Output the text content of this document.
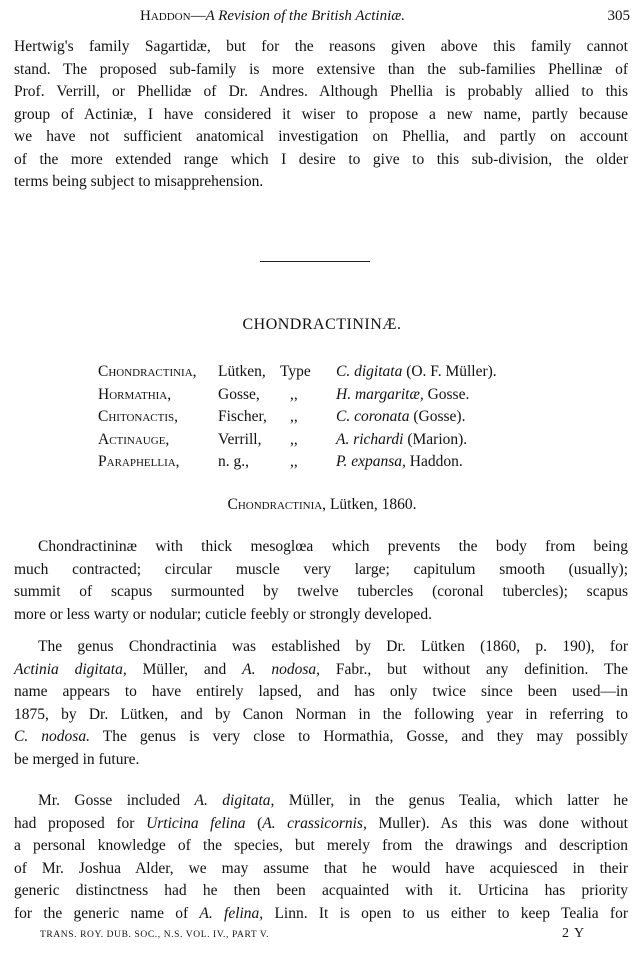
Haddon—A Revision of the British Actiniæ.	305
Hertwig's family Sagartidæ, but for the reasons given above this family cannot
stand. The proposed sub-family is more extensive than the sub-families Phellinæ of
Prof. Verrill, or Phellidæ of Dr. Andres. Although Phellia is probably allied to this
group of Actiniæ, I have considered it wiser to propose a new name, partly because
we have not sufficient anatomical investigation on Phellia, and partly on account
of the more extended range which I desire to give to this sub-division, the older
terms being subject to misapprehension.
CHONDRACTININÆ.
Chondractinia,	Lütken,	Type	C. digitata (O. F. Müller).
Hormathia,	Gosse,	,,	H. margaritæ, Gosse.
Chitonactis,	Fischer,	,,	C. coronata (Gosse).
Actinauge,	Verrill,	,,	A. richardi (Marion).
Paraphellia,	n. g.,	,,	P. expansa, Haddon.
Chondractinia, Lütken, 1860.
Chondractininæ with thick mesoglœa which prevents the body from being
much contracted; circular muscle very large; capitulum smooth (usually);
summit of scapus surmounted by twelve tubercles (coronal tubercles); scapus
more or less warty or nodular; cuticle feebly or strongly developed.
The genus Chondractinia was established by Dr. Lütken (1860, p. 190), for
Actinia digitata, Müller, and A. nodosa, Fabr., but without any definition. The
name appears to have entirely lapsed, and has only twice since been used—in
1875, by Dr. Lütken, and by Canon Norman in the following year in referring to
C. nodosa. The genus is very close to Hormathia, Gosse, and they may possibly
be merged in future.
Mr. Gosse included A. digitata, Müller, in the genus Tealia, which latter he
had proposed for Urticina felina (A. crassicornis, Muller). As this was done without
a personal knowledge of the species, but merely from the drawings and description
of Mr. Joshua Alder, we may assume that he would have acquiesced in their
generic distinctness had he then been acquainted with it. Urticina has priority
for the generic name of A. felina, Linn. It is open to us either to keep Tealia for
TRANS. ROY. DUB. SOC., N.S. VOL. IV., PART V.	2 Y
